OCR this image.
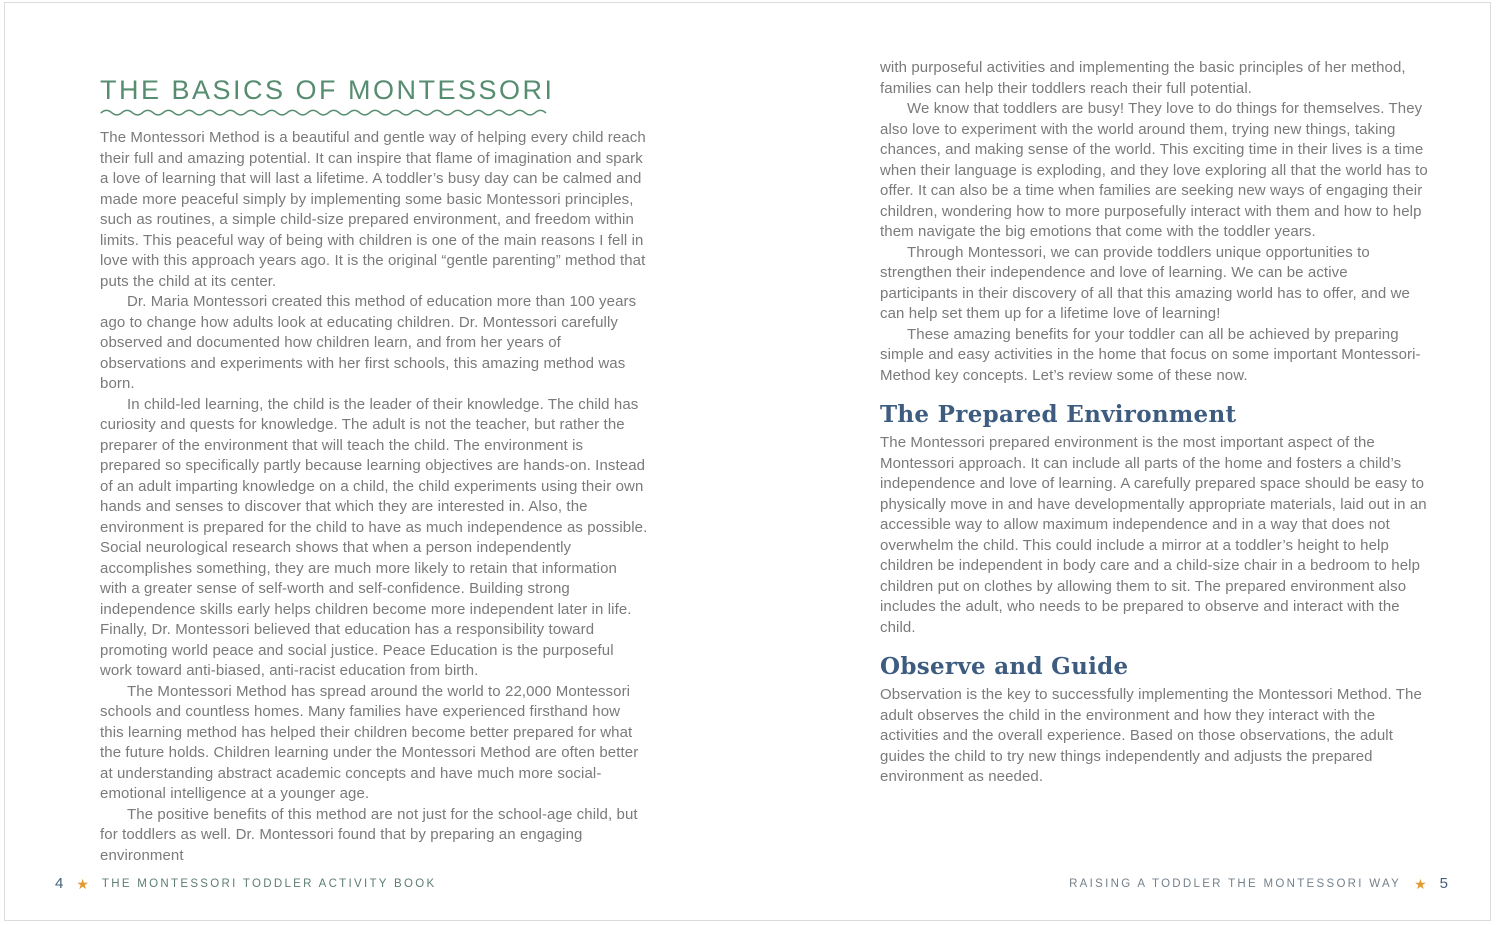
THE BASICS OF MONTESSORI

The Montessori Method is a beautiful and gentle way of helping every child reach their full and amazing potential. It can inspire that flame of imagination and spark a love of learning that will last a lifetime. A toddler’s busy day can be calmed and made more peaceful simply by implementing some basic Montessori principles, such as routines, a simple child-size prepared environment, and freedom within limits. This peaceful way of being with children is one of the main reasons I fell in love with this approach years ago. It is the original “gentle parenting” method that puts the child at its center.

Dr. Maria Montessori created this method of education more than 100 years ago to change how adults look at educating children. Dr. Montessori carefully observed and documented how children learn, and from her years of observations and experiments with her first schools, this amazing method was born.

In child-led learning, the child is the leader of their knowledge. The child has curiosity and quests for knowledge. The adult is not the teacher, but rather the preparer of the environment that will teach the child. The environment is prepared so specifically partly because learning objectives are hands-on. Instead of an adult imparting knowledge on a child, the child experiments using their own hands and senses to discover that which they are interested in. Also, the environment is prepared for the child to have as much independence as possible. Social neurological research shows that when a person independently accomplishes something, they are much more likely to retain that information with a greater sense of self-worth and self-confidence. Building strong independence skills early helps children become more independent later in life. Finally, Dr. Montessori believed that education has a responsibility toward promoting world peace and social justice. Peace Education is the purposeful work toward anti-biased, anti-racist education from birth.

The Montessori Method has spread around the world to 22,000 Montessori schools and countless homes. Many families have experienced firsthand how this learning method has helped their children become better prepared for what the future holds. Children learning under the Montessori Method are often better at understanding abstract academic concepts and have much more social-emotional intelligence at a younger age.

The positive benefits of this method are not just for the school-age child, but for toddlers as well. Dr. Montessori found that by preparing an engaging environment

with purposeful activities and implementing the basic principles of her method, families can help their toddlers reach their full potential.

We know that toddlers are busy! They love to do things for themselves. They also love to experiment with the world around them, trying new things, taking chances, and making sense of the world. This exciting time in their lives is a time when their language is exploding, and they love exploring all that the world has to offer. It can also be a time when families are seeking new ways of engaging their children, wondering how to more purposefully interact with them and how to help them navigate the big emotions that come with the toddler years.

Through Montessori, we can provide toddlers unique opportunities to strengthen their independence and love of learning. We can be active participants in their discovery of all that this amazing world has to offer, and we can help set them up for a lifetime love of learning!

These amazing benefits for your toddler can all be achieved by preparing simple and easy activities in the home that focus on some important Montessori-Method key concepts. Let’s review some of these now.

The Prepared Environment

The Montessori prepared environment is the most important aspect of the Montessori approach. It can include all parts of the home and fosters a child’s independence and love of learning. A carefully prepared space should be easy to physically move in and have developmentally appropriate materials, laid out in an accessible way to allow maximum independence and in a way that does not overwhelm the child. This could include a mirror at a toddler’s height to help children be independent in body care and a child-size chair in a bedroom to help children put on clothes by allowing them to sit. The prepared environment also includes the adult, who needs to be prepared to observe and interact with the child.

Observe and Guide

Observation is the key to successfully implementing the Montessori Method. The adult observes the child in the environment and how they interact with the activities and the overall experience. Based on those observations, the adult guides the child to try new things independently and adjusts the prepared environment as needed.

4 ★ THE MONTESSORI TODDLER ACTIVITY BOOK	RAISING A TODDLER THE MONTESSORI WAY ★ 5
